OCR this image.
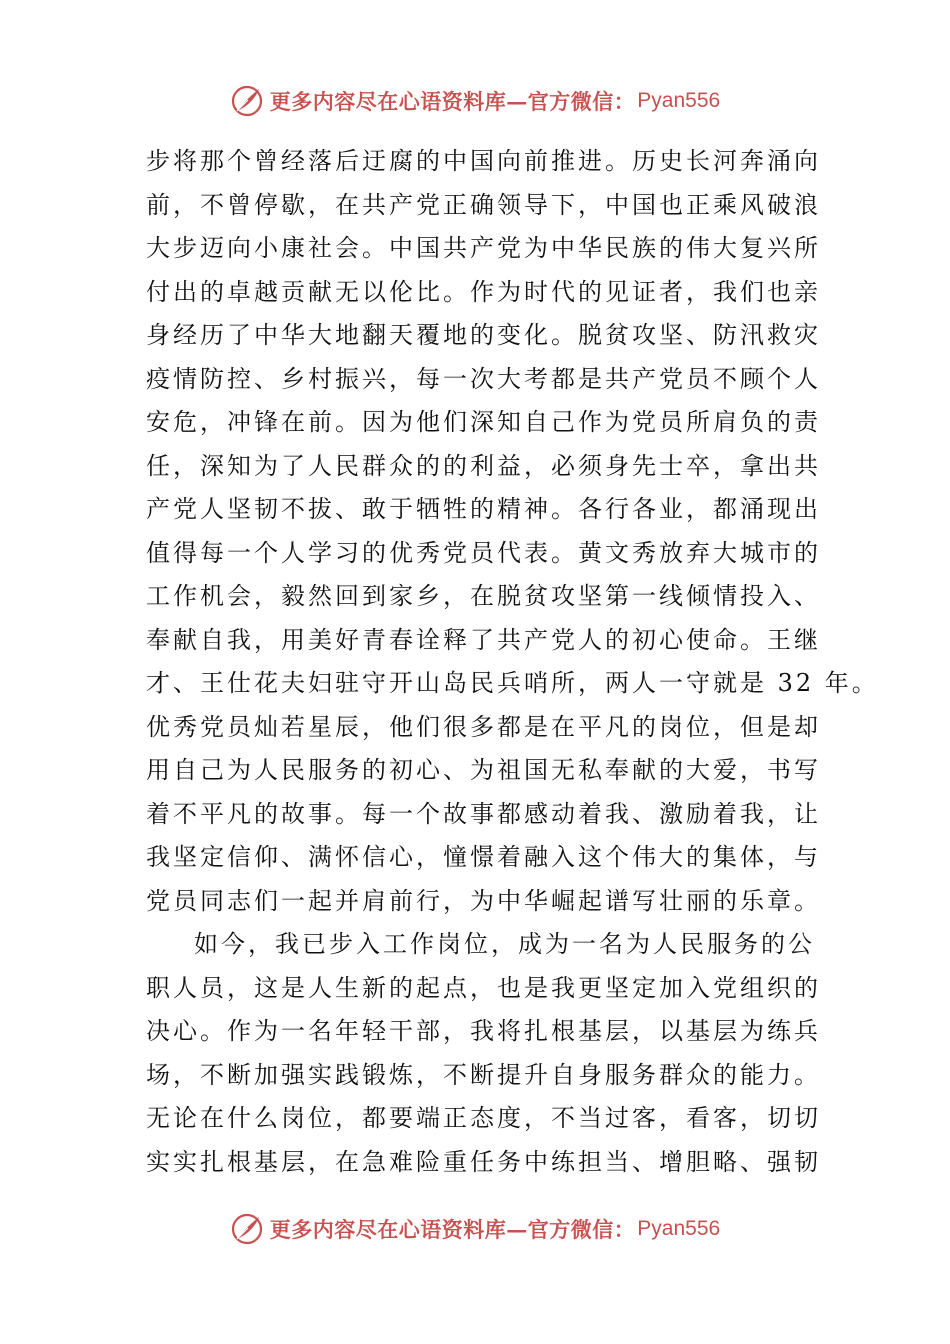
更多内容尽在心语资料库—官方微信： Pyan556
步将那个曾经落后迂腐的中国向前推进。历史长河奔涌向
前，不曾停歇，在共产党正确领导下，中国也正乘风破浪
大步迈向小康社会。中国共产党为中华民族的伟大复兴所
付出的卓越贡献无以伦比。作为时代的见证者，我们也亲
身经历了中华大地翻天覆地的变化。脱贫攻坚、防汛救灾
疫情防控、乡村振兴，每一次大考都是共产党员不顾个人
安危，冲锋在前。因为他们深知自己作为党员所肩负的责
任，深知为了人民群众的的利益，必须身先士卒，拿出共
产党人坚韧不拔、敢于牺牲的精神。各行各业，都涌现出
值得每一个人学习的优秀党员代表。黄文秀放弃大城市的
工作机会，毅然回到家乡，在脱贫攻坚第一线倾情投入、
奉献自我，用美好青春诠释了共产党人的初心使命。王继
才、王仕花夫妇驻守开山岛民兵哨所，两人一守就是 32 年。
优秀党员灿若星辰，他们很多都是在平凡的岗位，但是却
用自己为人民服务的初心、为祖国无私奉献的大爱，书写
着不平凡的故事。每一个故事都感动着我、激励着我，让
我坚定信仰、满怀信心，憧憬着融入这个伟大的集体，与
党员同志们一起并肩前行，为中华崛起谱写壮丽的乐章。
如今，我已步入工作岗位，成为一名为人民服务的公
职人员，这是人生新的起点，也是我更坚定加入党组织的
决心。作为一名年轻干部，我将扎根基层，以基层为练兵
场，不断加强实践锻炼，不断提升自身服务群众的能力。
无论在什么岗位，都要端正态度，不当过客，看客，切切
实实扎根基层，在急难险重任务中练担当、增胆略、强韧
更多内容尽在心语资料库—官方微信： Pyan556
